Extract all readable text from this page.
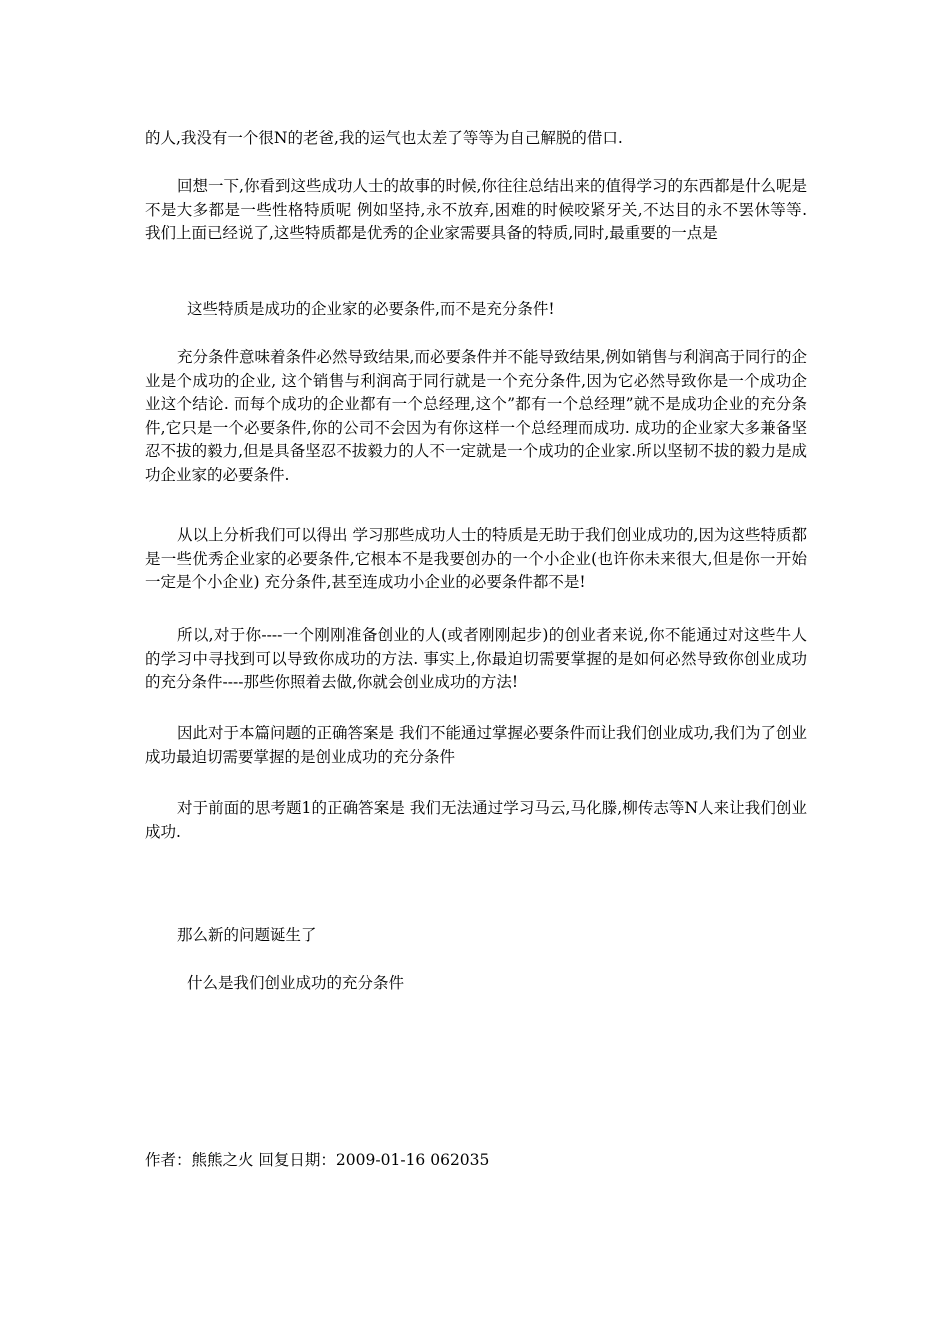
的人,我没有一个很N的老爸,我的运气也太差了等等为自己解脱的借口.
回想一下,你看到这些成功人士的故事的时候,你往往总结出来的值得学习的东西都是什么呢是不是大多都是一些性格特质呢 例如坚持,永不放弃,困难的时候咬紧牙关,不达目的永不罢休等等. 我们上面已经说了,这些特质都是优秀的企业家需要具备的特质,同时,最重要的一点是
这些特质是成功的企业家的必要条件,而不是充分条件!
充分条件意味着条件必然导致结果,而必要条件并不能导致结果,例如销售与利润高于同行的企业是个成功的企业, 这个销售与利润高于同行就是一个充分条件,因为它必然导致你是一个成功企业这个结论. 而每个成功的企业都有一个总经理,这个”都有一个总经理”就不是成功企业的充分条件,它只是一个必要条件,你的公司不会因为有你这样一个总经理而成功. 成功的企业家大多兼备坚忍不拔的毅力,但是具备坚忍不拔毅力的人不一定就是一个成功的企业家.所以坚韧不拔的毅力是成功企业家的必要条件.
从以上分析我们可以得出 学习那些成功人士的特质是无助于我们创业成功的,因为这些特质都是一些优秀企业家的必要条件,它根本不是我要创办的一个小企业(也许你未来很大,但是你一开始一定是个小企业) 充分条件,甚至连成功小企业的必要条件都不是!
所以,对于你----一个刚刚准备创业的人(或者刚刚起步)的创业者来说,你不能通过对这些牛人的学习中寻找到可以导致你成功的方法. 事实上,你最迫切需要掌握的是如何必然导致你创业成功的充分条件----那些你照着去做,你就会创业成功的方法!
因此对于本篇问题的正确答案是 我们不能通过掌握必要条件而让我们创业成功,我们为了创业成功最迫切需要掌握的是创业成功的充分条件
对于前面的思考题1的正确答案是 我们无法通过学习马云,马化滕,柳传志等N人来让我们创业成功.
那么新的问题诞生了
什么是我们创业成功的充分条件
作者：熊熊之火 回复日期：2009-01-16 062035
